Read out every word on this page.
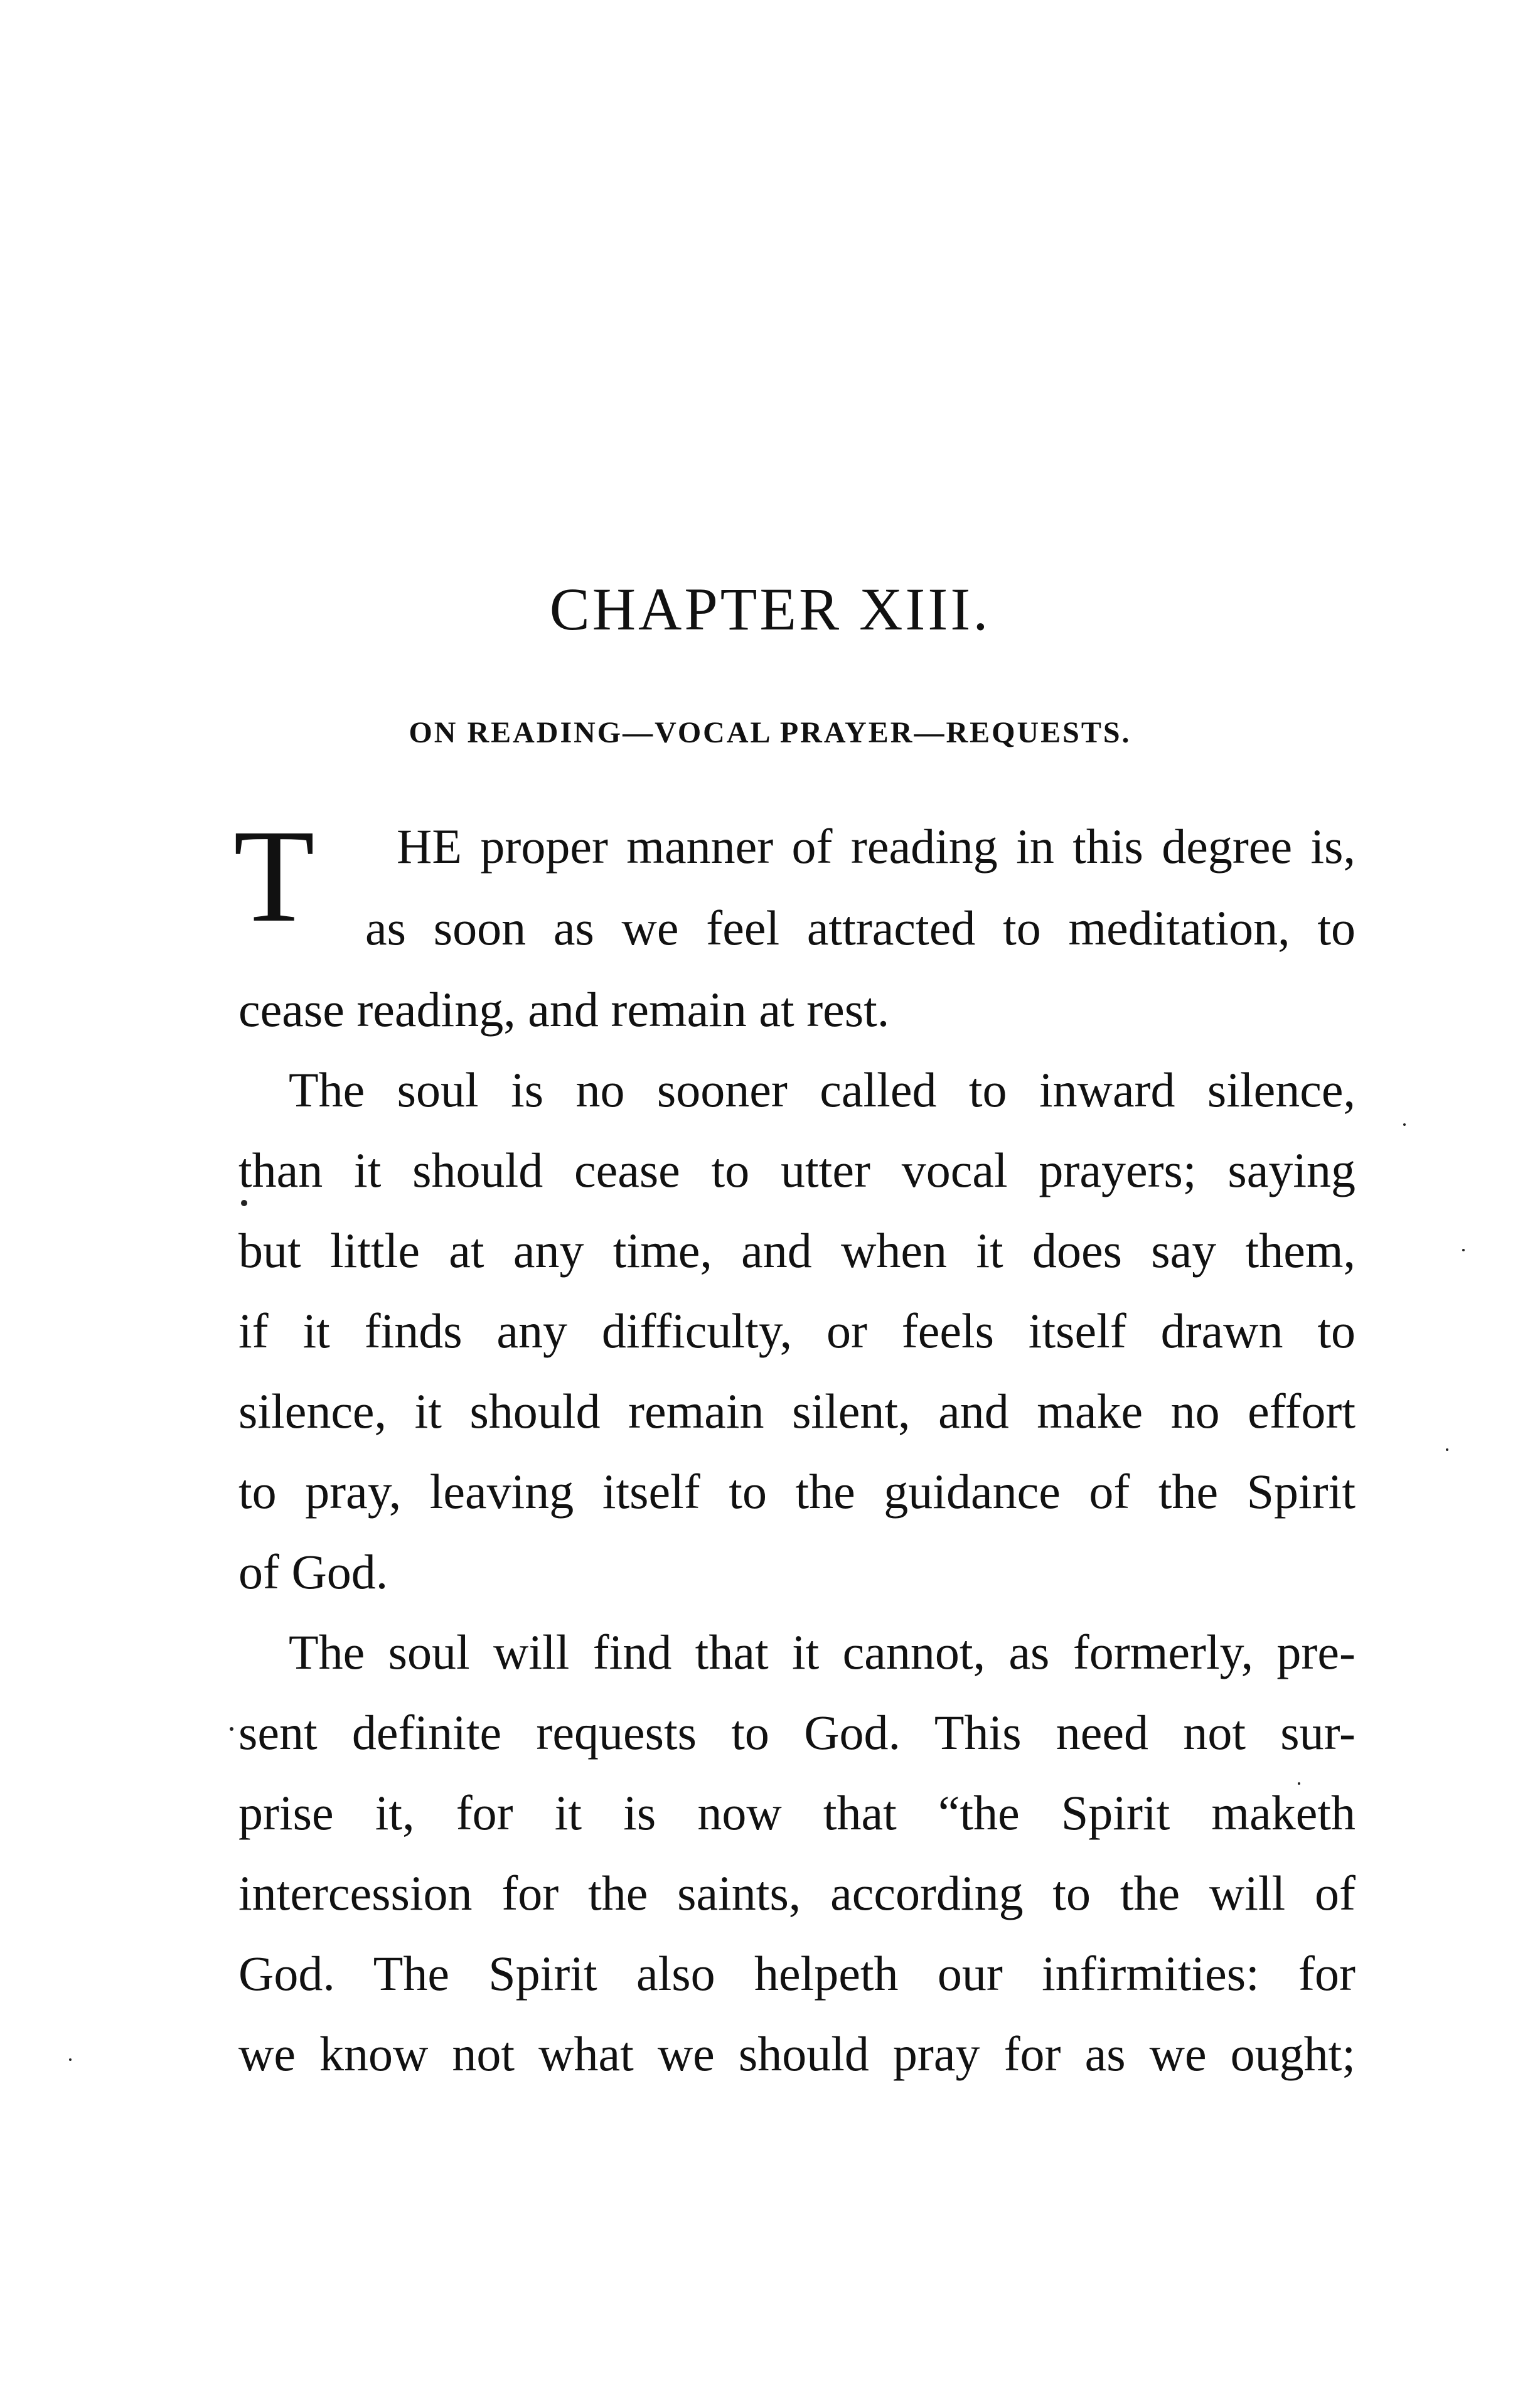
CHAPTER XIII.
ON READING—VOCAL PRAYER—REQUESTS.
T HE proper manner of reading in this degree is,
as soon as we feel attracted to meditation, to
cease reading, and remain at rest.
The soul is no sooner called to inward silence,
than it should cease to utter vocal prayers; saying
but little at any time, and when it does say them,
if it finds any difficulty, or feels itself drawn to
silence, it should remain silent, and make no effort
to pray, leaving itself to the guidance of the Spirit
of God.
The soul will find that it cannot, as formerly, pre-
sent definite requests to God. This need not sur-
prise it, for it is now that “the Spirit maketh
intercession for the saints, according to the will of
God. The Spirit also helpeth our infirmities: for
we know not what we should pray for as we ought;
